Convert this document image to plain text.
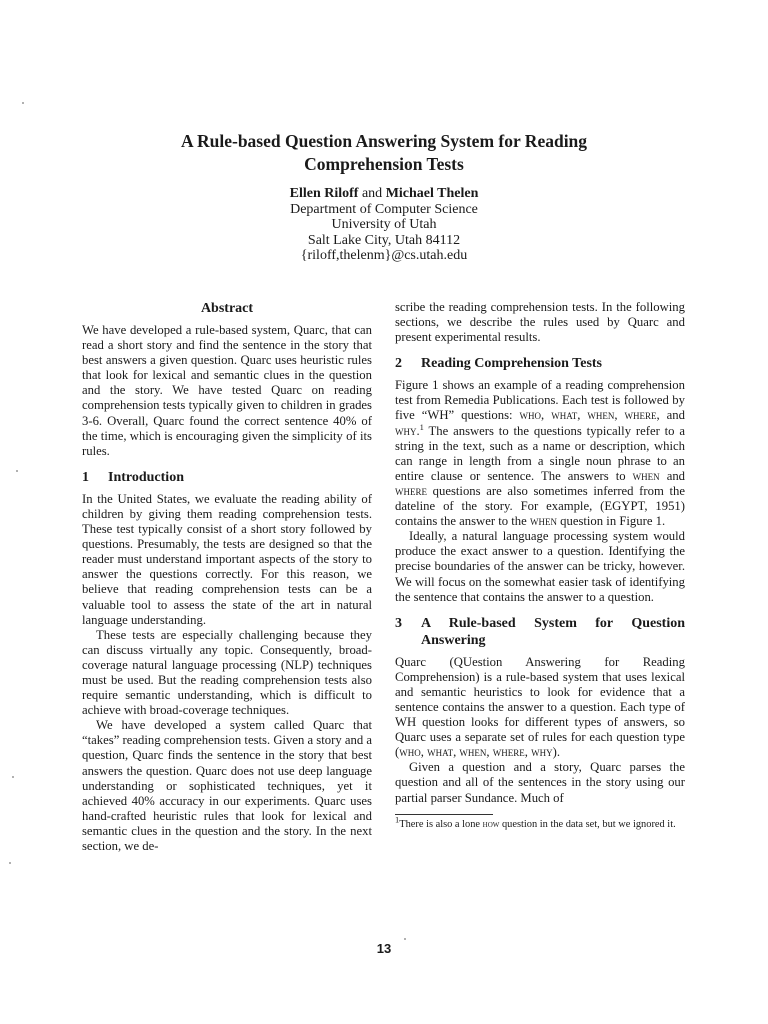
A Rule-based Question Answering System for Reading
Comprehension Tests
Ellen Riloff and Michael Thelen
Department of Computer Science
University of Utah
Salt Lake City, Utah 84112
{riloff,thelenm}@cs.utah.edu
Abstract

We have developed a rule-based system, Quarc, that can read a short story and find the sentence in the story that best answers a given question. Quarc uses heuristic rules that look for lexical and semantic clues in the question and the story. We have tested Quarc on reading comprehension tests typically given to children in grades 3-6. Overall, Quarc found the correct sentence 40% of the time, which is encouraging given the simplicity of its rules.

1	Introduction

In the United States, we evaluate the reading ability of children by giving them reading comprehension tests. These test typically consist of a short story followed by questions. Presumably, the tests are designed so that the reader must understand important aspects of the story to answer the questions correctly. For this reason, we believe that reading comprehension tests can be a valuable tool to assess the state of the art in natural language understanding.

These tests are especially challenging because they can discuss virtually any topic. Consequently, broad-coverage natural language processing (NLP) techniques must be used. But the reading comprehension tests also require semantic understanding, which is difficult to achieve with broad-coverage techniques.

We have developed a system called Quarc that “takes” reading comprehension tests. Given a story and a question, Quarc finds the sentence in the story that best answers the question. Quarc does not use deep language understanding or sophisticated techniques, yet it achieved 40% accuracy in our experiments. Quarc uses hand-crafted heuristic rules that look for lexical and semantic clues in the question and the story. In the next section, we de-

scribe the reading comprehension tests. In the following sections, we describe the rules used by Quarc and present experimental results.

2	Reading Comprehension Tests

Figure 1 shows an example of a reading comprehension test from Remedia Publications. Each test is followed by five “WH” questions: who, what, when, where, and why.$^1$ The answers to the questions typically refer to a string in the text, such as a name or description, which can range in length from a single noun phrase to an entire clause or sentence. The answers to when and where questions are also sometimes inferred from the dateline of the story. For example, (EGYPT, 1951) contains the answer to the when question in Figure 1.

Ideally, a natural language processing system would produce the exact answer to a question. Identifying the precise boundaries of the answer can be tricky, however. We will focus on the somewhat easier task of identifying the sentence that contains the answer to a question.

3	A Rule-based System for Question Answering

Quarc (QUestion Answering for Reading Comprehension) is a rule-based system that uses lexical and semantic heuristics to look for evidence that a sentence contains the answer to a question. Each type of WH question looks for different types of answers, so Quarc uses a separate set of rules for each question type (who, what, when, where, why).

Given a question and a story, Quarc parses the question and all of the sentences in the story using our partial parser Sundance. Much of

$^1$There is also a lone how question in the data set, but we ignored it.
13
